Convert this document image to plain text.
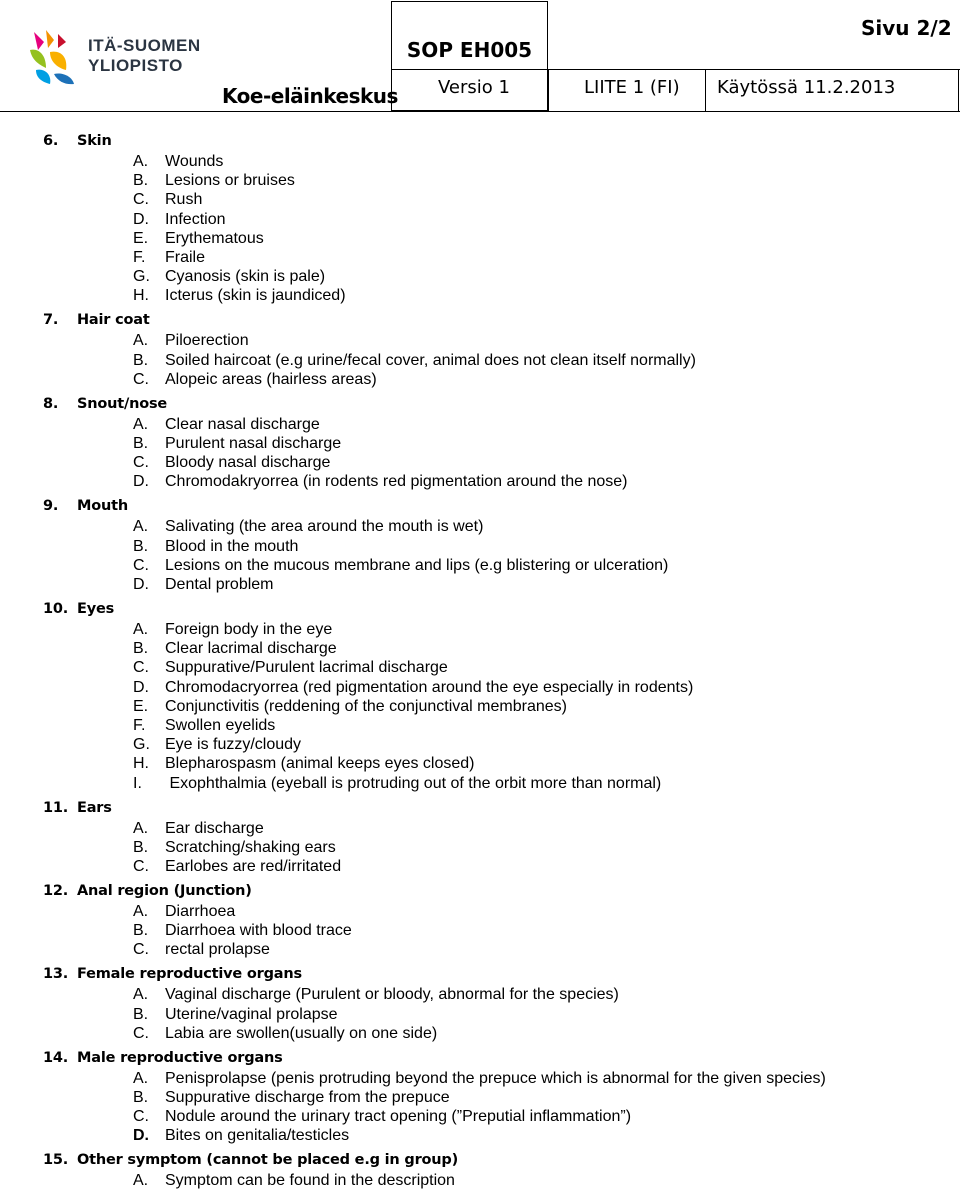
ITÄ-SUOMEN
YLIOPISTO
Koe-eläinkeskus
SOP EH005
Versio 1	LIITE 1 (FI) Käytössä 11.2.2013
Sivu 2/2
6. Skin
A. Wounds
B. Lesions or bruises
C. Rush
D. Infection
E. Erythematous
F. Fraile
G. Cyanosis (skin is pale)
H. Icterus (skin is jaundiced)
7. Hair coat
A. Piloerection
B. Soiled haircoat (e.g urine/fecal cover, animal does not clean itself normally)
C. Alopeic areas (hairless areas)
8. Snout/nose
A. Clear nasal discharge
B. Purulent nasal discharge
C. Bloody nasal discharge
D. Chromodakryorrea (in rodents red pigmentation around the nose)
9. Mouth
A. Salivating (the area around the mouth is wet)
B. Blood in the mouth
C. Lesions on the mucous membrane and lips (e.g blistering or ulceration)
D. Dental problem
10. Eyes
A. Foreign body in the eye
B. Clear lacrimal discharge
C. Suppurative/Purulent lacrimal discharge
D. Chromodacryorrea (red pigmentation around the eye especially in rodents)
E. Conjunctivitis (reddening of the conjunctival membranes)
F. Swollen eyelids
G. Eye is fuzzy/cloudy
H. Blepharospasm (animal keeps eyes closed)
I. Exophthalmia (eyeball is protruding out of the orbit more than normal)
11. Ears
A. Ear discharge
B. Scratching/shaking ears
C. Earlobes are red/irritated
12. Anal region (Junction)
A. Diarrhoea
B. Diarrhoea with blood trace
C. rectal prolapse
13. Female reproductive organs
A. Vaginal discharge (Purulent or bloody, abnormal for the species)
B. Uterine/vaginal prolapse
C. Labia are swollen(usually on one side)
14. Male reproductive organs
A. Penisprolapse (penis protruding beyond the prepuce which is abnormal for the given species)
B. Suppurative discharge from the prepuce
C. Nodule around the urinary tract opening (”Preputial inflammation”)
D. Bites on genitalia/testicles
15. Other symptom (cannot be placed e.g in group)
A. Symptom can be found in the description
